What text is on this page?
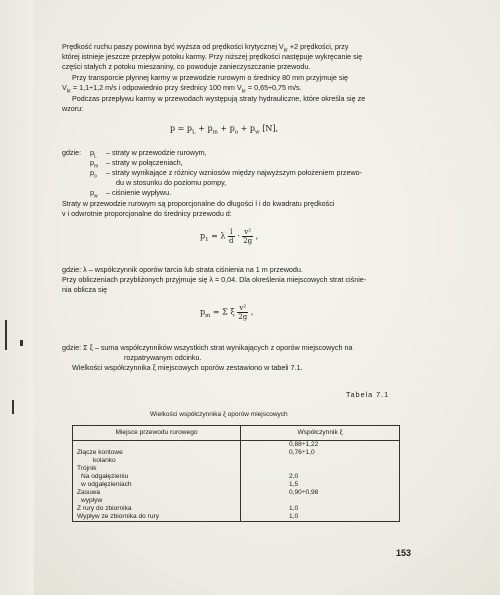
Prędkość ruchu paszy powinna być wyższa od prędkości krytycznej $V_{kr} +2$ prędkości, przy
której istnieje jeszcze przepływ potoku karmy. Przy niższej prędkości następuje wykręcanie się
części stałych z potoku mieszaniny, co powoduje zanieczyszczanie przewodu.
Przy transporcie płynnej karmy w przewodzie rurowym o średnicy 80 mm przyjmuje się
$V_{kr} = 1,1\div 1,2$ m/s i odpowiednio przy średnicy 100 mm $V_{kr} = 0,65\div 0,75$ m/s.
Podczas przepływu karmy w przewodach występują straty hydrauliczne, które określa się ze
wzoru:
$p = p_L + p_m + p_o + p_w$ [N],
gdzie: $p_L$ – straty w przewodzie rurowym,
$p_m$ – straty w połączeniach,
$p_o$ – straty wynikające z różnicy wzniosów między najwyższym położeniem przewo-
du w stosunku do poziomu pompy,
$p_w$ – ciśnienie wypływu.
Straty w przewodzie rurowym są proporcjonalne do długości l i do kwadratu prędkości
v i odwrotnie proporcjonalne do średnicy przewodu d:
$p_1 = \lambda \frac{l}{d} \cdot \frac{\text{v²}}{2g}$ ,
gdzie: λ – współczynnik oporów tarcia lub strata ciśnienia na 1 m przewodu.
Przy obliczeniach przybliżonych przyjmuje się λ = 0,04. Dla określenia miejscowych strat ciśnie-
nia oblicza się
$p_m = \Sigma$ ξ $\frac{\text{v²}}{2g}$ ,
gdzie: Σ ξ – suma współczynników wszystkich strat wynikających z oporów miejscowych na
rozpatrywanym odcinku.
Wielkości współczynnika ξ miejscowych oporów zestawiono w tabeli 7.1.
Tabela 7.1
Wielkości współczynnika ξ oporów miejscowych
Miejsce przewodu rurowego	Współczynnik ξ

	0,88÷1,22
Złącze kontowe	0,76÷1,0
kolanko	
Trójnik	
Na odgałęzieniu	2,0
w odgałęzieniach	1,5
Zasuwa	0,90÷0,98
wypływ	
Z rury do zbiornika	1,0
Wypływ ze zbiornika do rury	1,0
153
